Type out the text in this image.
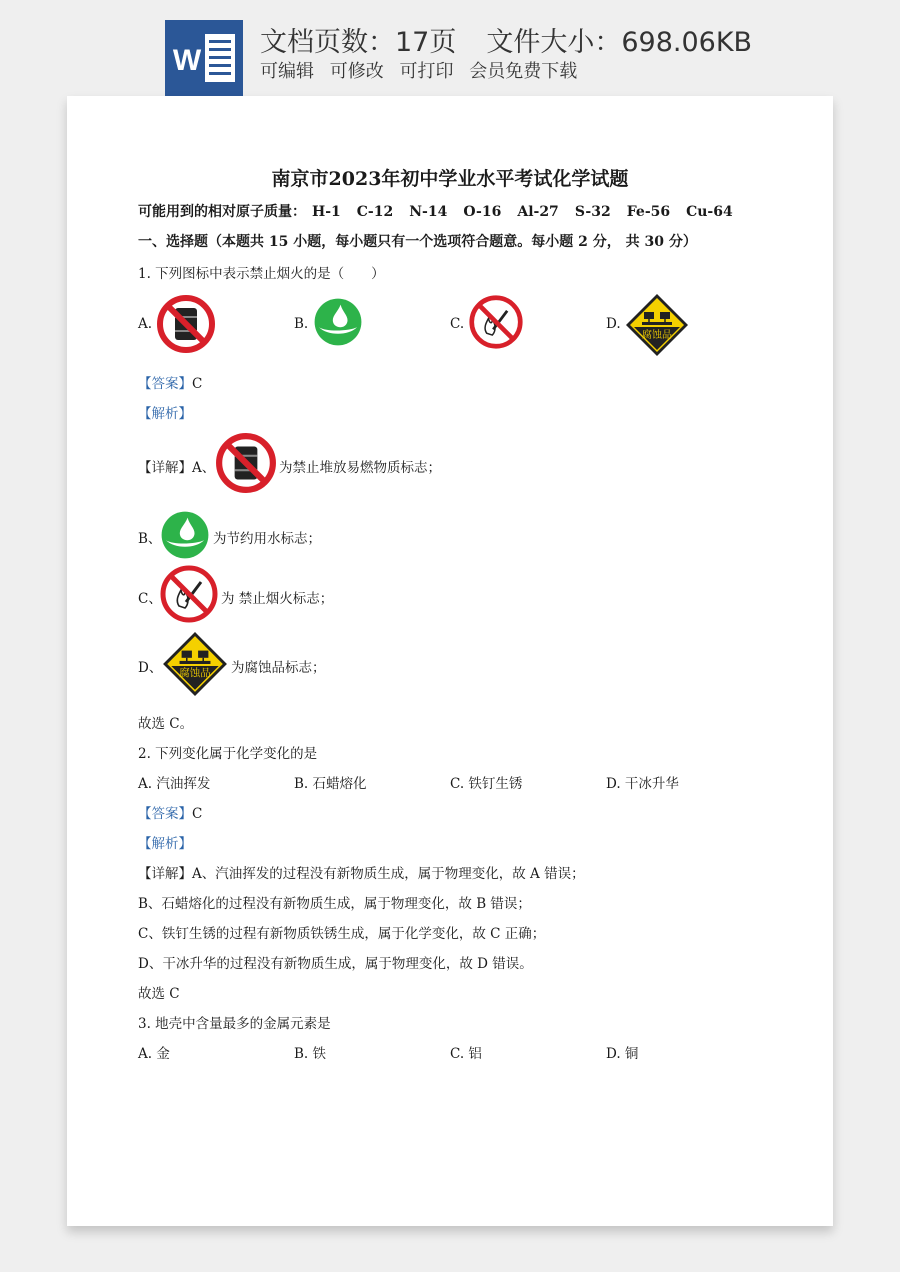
W
文档页数：17页 文件大小：698.06KB
可编辑 可修改 可打印 会员免费下载
南京市2023年初中学业水平考试化学试题
可能用到的相对原子质量： H-1 C-12 N-14 O-16 Al-27 S-32 Fe-56 Cu-64
一、选择题（本题共 15 小题，每小题只有一个选项符合题意。每小题 2 分， 共 30 分）
1. 下列图标中表示禁止烟火的是（　　）
A.	B.	C.	D.
腐蚀品
【答案】C
【解析】
【详解】A、	为禁止堆放易燃物质标志；
B、	为节约用水标志；
C、	为 禁止烟火标志；
D、	腐蚀品	为腐蚀品标志；
故选 C。
2. 下列变化属于化学变化的是
A. 汽油挥发	B. 石蜡熔化	C. 铁钉生锈	D. 干冰升华
【答案】C
【解析】
【详解】A、汽油挥发的过程没有新物质生成，属于物理变化，故 A 错误；
B、石蜡熔化的过程没有新物质生成，属于物理变化，故 B 错误；
C、铁钉生锈的过程有新物质铁锈生成，属于化学变化，故 C 正确；
D、干冰升华的过程没有新物质生成，属于物理变化，故 D 错误。
故选 C
3. 地壳中含量最多的金属元素是
A. 金	B. 铁	C. 铝	D. 铜
